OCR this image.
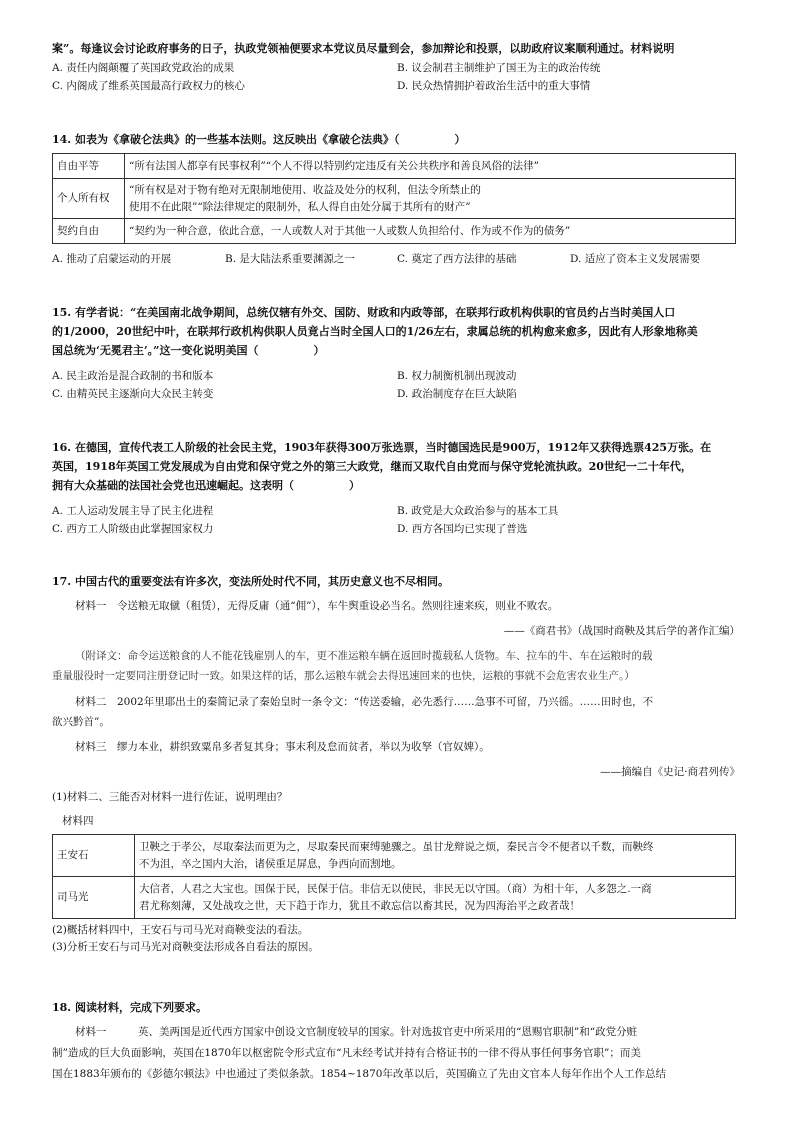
案”。每逢议会讨论政府事务的日子，执政党领袖便要求本党议员尽量到会，参加辩论和投票，以助政府议案顺利通过。材料说明
A. 责任内阁颠覆了英国政党政治的成果	B. 议会制君主制维护了国王为主的政治传统
C. 内阁成了维系英国最高行政权力的核心	D. 民众热情拥护着政治生活中的重大事情
14. 如表为《拿破仑法典》的一些基本法则。这反映出《拿破仑法典》（　　　　　）
自由平等	“所有法国人都享有民事权利”“个人不得以特别约定违反有关公共秩序和善良风俗的法律”
个人所有权	“所有权是对于物有绝对无限制地使用、收益及处分的权利，但法令所禁止的
使用不在此限”“除法律规定的限制外，私人得自由处分属于其所有的财产”

契约自由	“契约为一种合意，依此合意，一人或数人对于其他一人或数人负担给付、作为或不作为的债务”
A. 推动了启蒙运动的开展	B. 是大陆法系重要渊源之一	C. 奠定了西方法律的基础	D. 适应了资本主义发展需要
15. 有学者说：“在美国南北战争期间，总统仅辖有外交、国防、财政和内政等部，在联邦行政机构供职的官员约占当时美国人口
的1/2000，20世纪中叶，在联邦行政机构供职人员竟占当时全国人口的1/26左右，隶属总统的机构愈来愈多，因此有人形象地称美
国总统为‘无冕君主’。”这一变化说明美国（　　　　　）
A. 民主政治是混合政制的书和版本	B. 权力制衡机制出现波动
C. 由精英民主逐渐向大众民主转变	D. 政治制度存在巨大缺陷
16. 在德国，宣传代表工人阶级的社会民主党，1903年获得300万张选票，当时德国选民是900万，1912年又获得选票425万张。在
英国，1918年英国工党发展成为自由党和保守党之外的第三大政党，继而又取代自由党而与保守党轮流执政。20世纪一二十年代，
拥有大众基础的法国社会党也迅速崛起。这表明（　　　　　）
A. 工人运动发展主导了民主化进程	B. 政党是大众政治参与的基本工具
C. 西方工人阶级由此掌握国家权力	D. 西方各国均已实现了普选
17. 中国古代的重要变法有许多次，变法所处时代不同，其历史意义也不尽相同。
材料一　令送粮无取僦（租赁），无得反庸（通“佣”），车牛舆重设必当名。然则往速来疾，则业不败农。
——《商君书》（战国时商鞅及其后学的著作汇编）
（附译文：命令运送粮食的人不能花钱雇别人的车，更不准运粮车辆在返回时揽载私人货物。车、拉车的牛、车在运粮时的载
重量服役时一定要同注册登记时一致。如果这样的话，那么运粮车就会去得迅速回来的也快，运粮的事就不会危害农业生产。）
材料二　2002年里耶出土的秦简记录了秦始皇时一条令文：“传送委输，必先悉行……急事不可留，乃兴徭。……田时也，不
欲兴黔首”。
材料三　缪力本业，耕织致粟帛多者复其身；事末利及怠而贫者，举以为收孥（官奴婢）。
——摘编自《史记·商君列传》
(1)材料二、三能否对材料一进行佐证，说明理由？
材料四
王安石	卫鞅之于孝公，尽取秦法而更为之，尽取秦民而柬缚驰骤之。虽甘龙辩说之烦，秦民言令不便者以千数，而鞅终
不为沮，卒之国内大治，诸侯重足屏息，争西向而割地。

司马光	大信者，人君之大宝也。国保于民，民保于信。非信无以使民，非民无以守国。（商）为相十年，人多怨之.一商
君尤称刻薄，又处战攻之世，天下趋于诈力，犹且不敢忘信以畜其民，况为四海治平之政者哉！
(2)概括材料四中，王安石与司马光对商鞅变法的看法。
(3)分析王安石与司马光对商鞅变法形成各自看法的原因。
18. 阅读材料，完成下列要求。
材料一　　　英、美两国是近代西方国家中创设文官制度较早的国家。针对选拔官吏中所采用的“恩赐官职制”和“政党分赃
制”造成的巨大负面影响，英国在1870年以枢密院令形式宣布“凡未经考试并持有合格证书的一律不得从事任何事务官职”；而美
国在1883年颁布的《彭德尔顿法》中也通过了类似条款。1854~1870年改革以后，英国确立了先由文官本人每年作出个人工作总结
